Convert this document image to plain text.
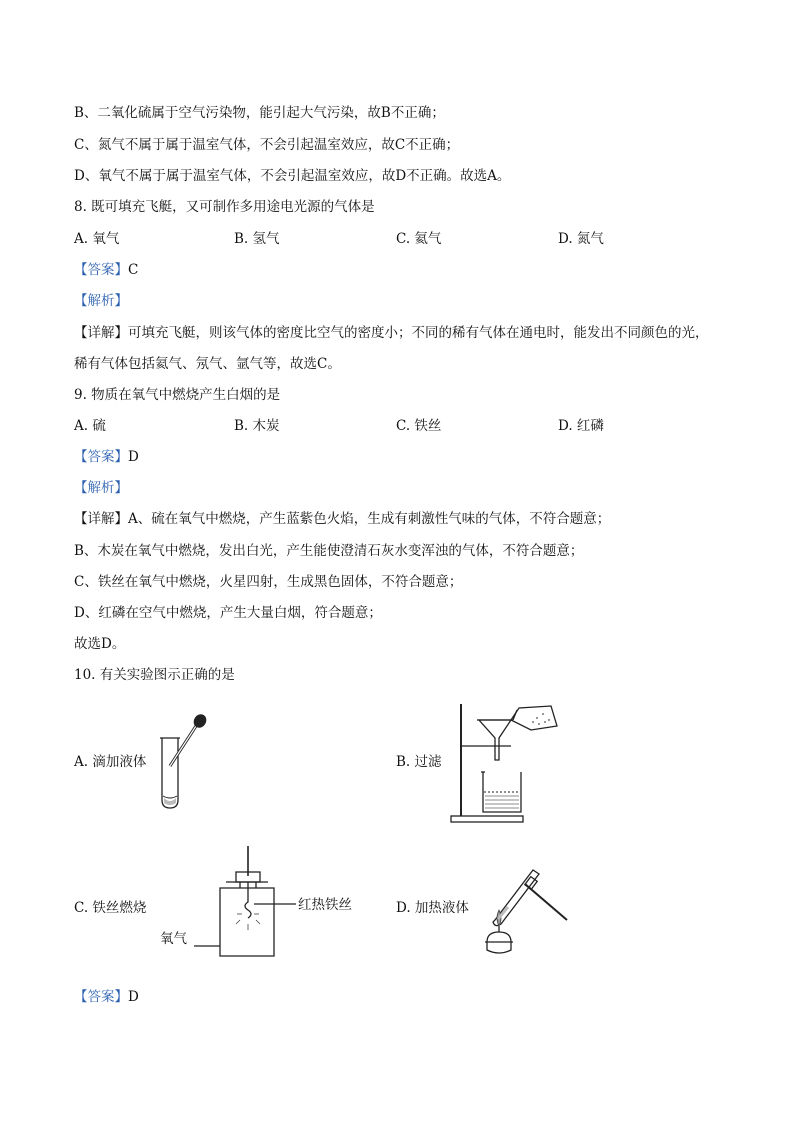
B、二氧化硫属于空气污染物，能引起大气污染，故B不正确；
C、氮气不属于属于温室气体，不会引起温室效应，故C不正确；
D、氧气不属于属于温室气体，不会引起温室效应，故D不正确。故选A。
8. 既可填充飞艇，又可制作多用途电光源的气体是
A. 氧气	B. 氢气	C. 氦气	D. 氮气
【答案】C
【解析】
【详解】可填充飞艇，则该气体的密度比空气的密度小；不同的稀有气体在通电时，能发出不同颜色的光，
稀有气体包括氦气、氖气、氩气等，故选C。
9. 物质在氧气中燃烧产生白烟的是
A. 硫	B. 木炭	C. 铁丝	D. 红磷
【答案】D
【解析】
【详解】A、硫在氧气中燃烧，产生蓝紫色火焰，生成有刺激性气味的气体，不符合题意；
B、木炭在氧气中燃烧，发出白光，产生能使澄清石灰水变浑浊的气体，不符合题意；
C、铁丝在氧气中燃烧，火星四射，生成黑色固体，不符合题意；
D、红磷在空气中燃烧，产生大量白烟，符合题意；
故选D。
10. 有关实验图示正确的是
A. 滴加液体	B. 过滤
C. 铁丝燃烧	D. 加热液体
红热铁丝
氧气
【答案】D
